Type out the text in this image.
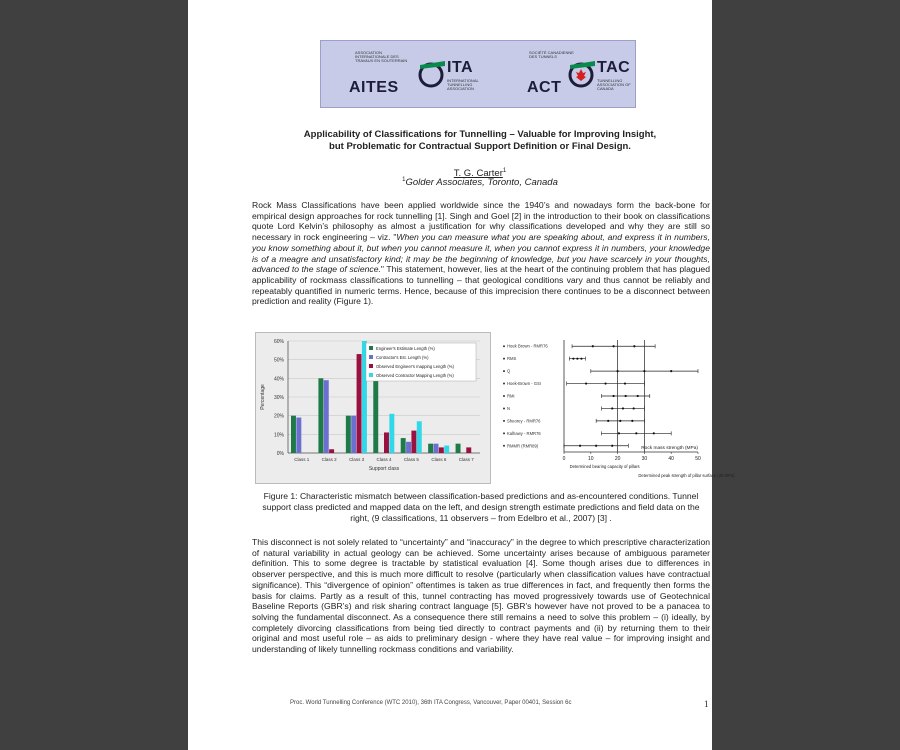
ASSOCIATION INTERNATIONALE DES TRAVAUX EN SOUTERRAIN
AITES
ITA
INTERNATIONAL TUNNELLING ASSOCIATION
SOCIÉTÉ CANADIENNE DES TUNNELS
ACT
TAC
TUNNELLING ASSOCIATION OF CANADA
Applicability of Classifications for Tunnelling – Valuable for Improving Insight,
but Problematic for Contractual Support Definition or Final Design.
T. G. Carter$^1$
$^1$Golder Associates, Toronto, Canada
Rock Mass Classifications have been applied worldwide since the 1940’s and nowadays form the back-bone for empirical design approaches for rock tunnelling [1]. Singh and Goel [2] in the introduction to their book on classifications quote Lord Kelvin’s philosophy as almost a justification for why classifications developed and why they are still so necessary in rock engineering – viz. "When you can measure what you are speaking about, and express it in numbers, you know something about it, but when you cannot measure it, when you cannot express it in numbers, your knowledge is of a meagre and unsatisfactory kind; it may be the beginning of knowledge, but you have scarcely in your thoughts, advanced to the stage of science." This statement, however, lies at the heart of the continuing problem that has plagued applicability of rockmass classifications to tunnelling – that geological conditions vary and thus cannot be reliably and repeatably quantified in numeric terms. Hence, because of this imprecision there continues to be a disconnect between prediction and reality (Figure 1).
0%
10%
20%
30%
40%
50%
60%
Class 1	Class 2	Class 3	Class 4	Class 5	Class 6	Class 7
Support class
Percentage
Engineer's Estimate Length (%)
Contractor's Est. Length (%)
Observed Engineer's mapping Length (%)
Observed Contractor Mapping Length (%)
0	10	20	30	40	50
Hoek Brown - RMR76
RMS
Q
Hoek-Brown - GSI
RMi
N
Sheorey - RMR76
Kalhawy - RMR76
RMMR (RMR89)
Rock mass strength (MPa)
Determined bearing capacity of pillars
Determined peak strength of pillar surface (30 MPa)
Figure 1: Characteristic mismatch between classification-based predictions and as-encountered conditions. Tunnel support class predicted and mapped data on the left, and design strength estimate predictions and field data on the right, (9 classifications, 11 observers – from Edelbro et al., 2007) [3] .
This disconnect is not solely related to “uncertainty” and “inaccuracy” in the degree to which prescriptive characterization of natural variability in actual geology can be achieved. Some uncertainty arises because of ambiguous parameter definition. This to some degree is tractable by statistical evaluation [4]. Some though arises due to differences in observer perspective, and this is much more difficult to resolve (particularly when classification values have contractual significance). This “divergence of opinion” oftentimes is taken as true differences in fact, and frequently then forms the basis for claims. Partly as a result of this, tunnel contracting has moved progressively towards use of Geotechnical Baseline Reports (GBR’s) and risk sharing contract language [5]. GBR’s however have not proved to be a panacea to solving the fundamental disconnect. As a consequence there still remains a need to solve this problem – (i) ideally, by completely divorcing classifications from being tied directly to contract payments and (ii) by returning them to their original and most useful role – as aids to preliminary design - where they have real value – for improving insight and understanding of likely tunnelling rockmass conditions and variability.
Proc. World Tunnelling Conference (WTC 2010), 36th ITA Congress, Vancouver, Paper 00401, Session 6c	1
